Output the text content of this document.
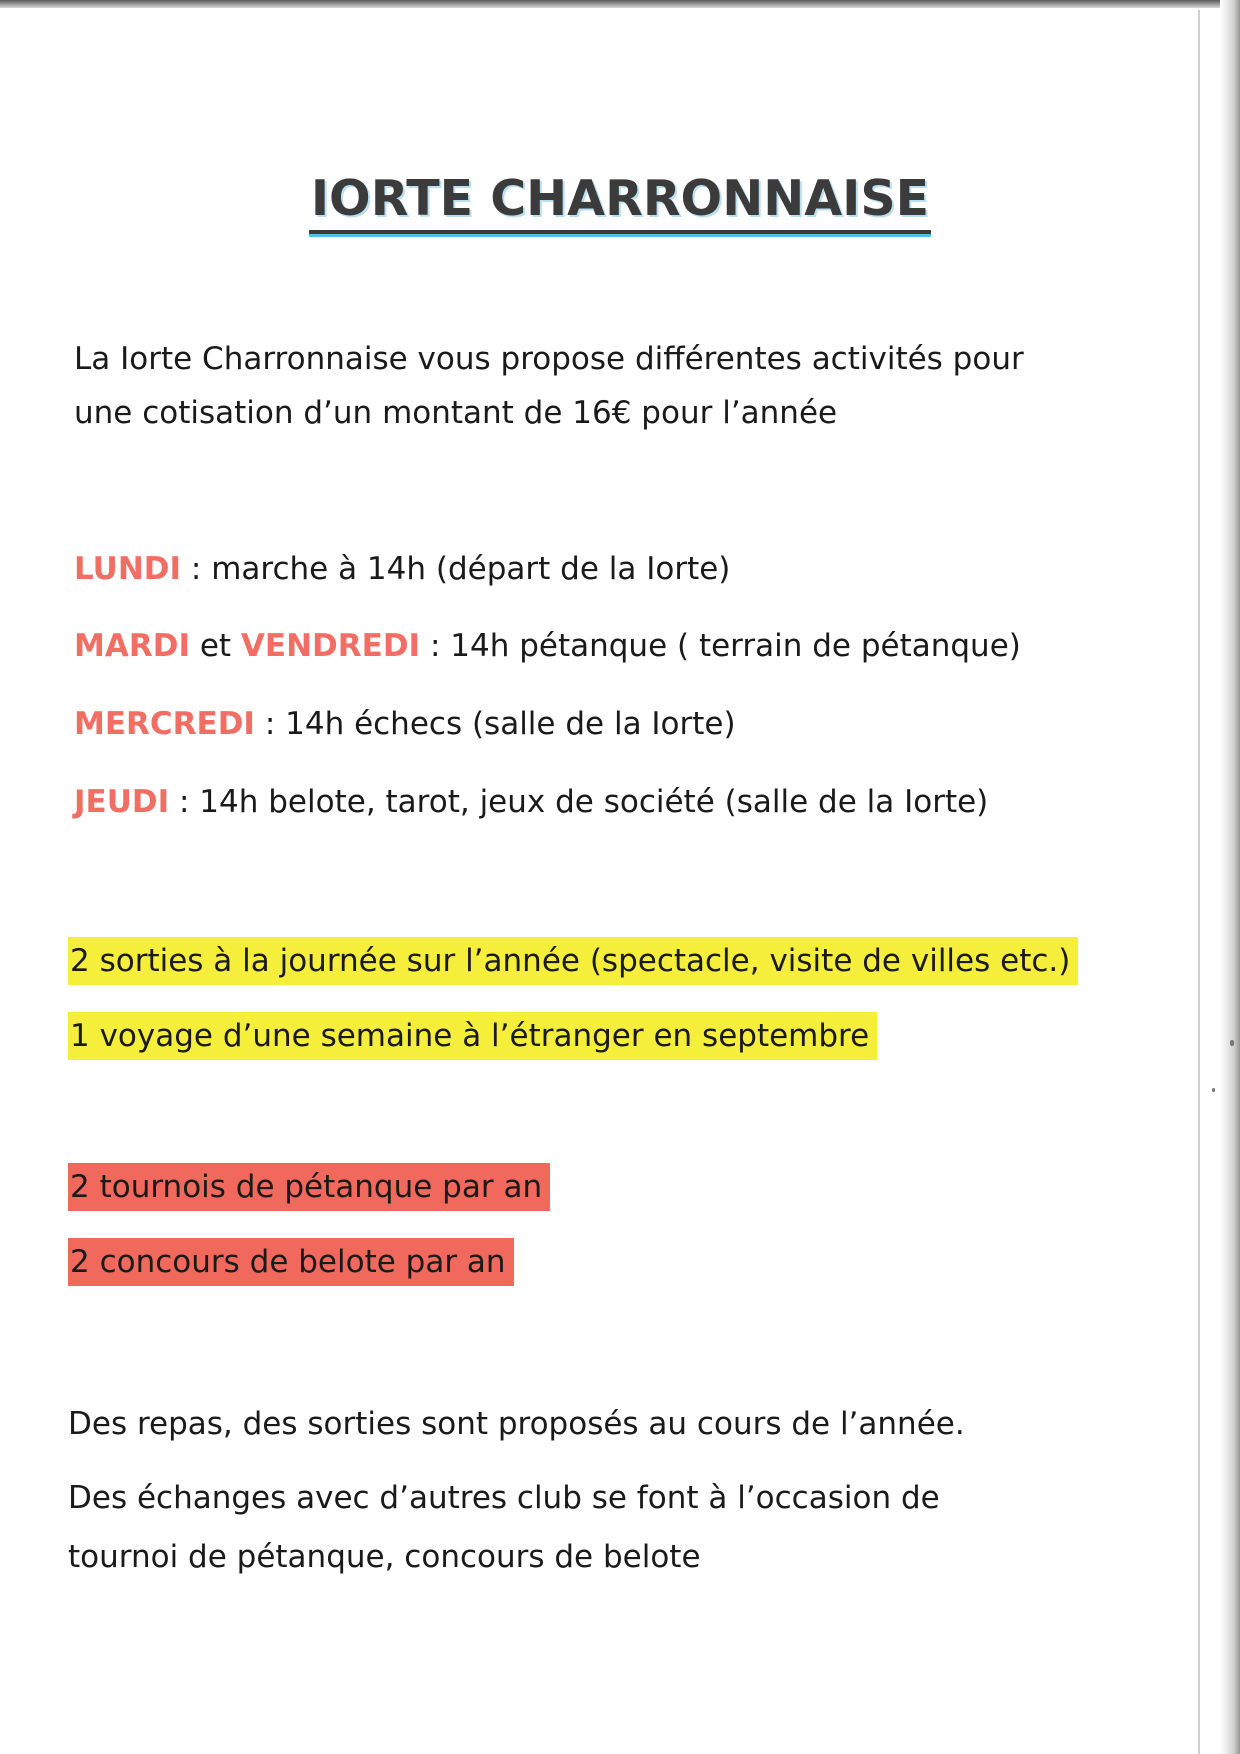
IORTE CHARRONNAISE

La Iorte Charronnaise vous propose différentes activités pour

une cotisation d’un montant de 16€ pour l’année

LUNDI : marche à 14h (départ de la Iorte)

MARDI et VENDREDI : 14h pétanque ( terrain de pétanque)

MERCREDI : 14h échecs (salle de la Iorte)

JEUDI : 14h belote, tarot, jeux de société (salle de la Iorte)

2 sorties à la journée sur l’année (spectacle, visite de villes etc.)

1 voyage d’une semaine à l’étranger en septembre

2 tournois de pétanque par an

2 concours de belote par an

Des repas, des sorties sont proposés au cours de l’année.

Des échanges avec d’autres club se font à l’occasion de

tournoi de pétanque, concours de belote
